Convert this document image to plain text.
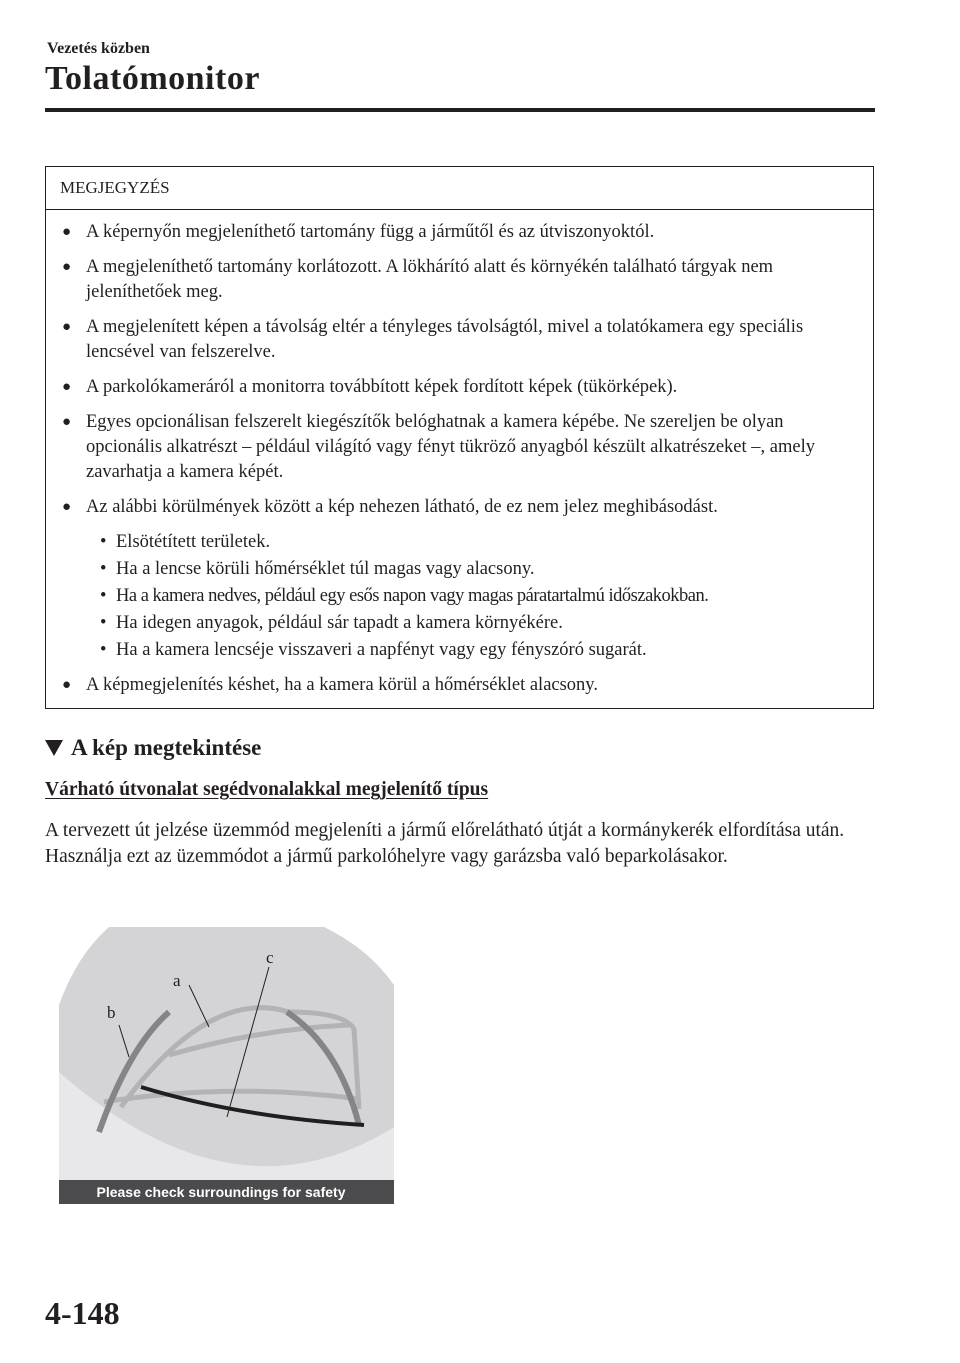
Vezetés közben
Tolatómonitor
MEGJEGYZÉS
● A képernyőn megjeleníthető tartomány függ a járműtől és az útviszonyoktól.
● A megjeleníthető tartomány korlátozott. A lökhárító alatt és környékén található tárgyak nem jeleníthetőek meg.
● A megjelenített képen a távolság eltér a tényleges távolságtól, mivel a tolatókamera egy speciális lencsével van felszerelve.
● A parkolókameráról a monitorra továbbított képek fordított képek (tükörképek).
● Egyes opcionálisan felszerelt kiegészítők belóghatnak a kamera képébe. Ne szereljen be olyan opcionális alkatrészt – például világító vagy fényt tükröző anyagból készült alkatrészeket –, amely zavarhatja a kamera képét.
● Az alábbi körülmények között a kép nehezen látható, de ez nem jelez meghibásodást.
• Elsötétített területek.
• Ha a lencse körüli hőmérséklet túl magas vagy alacsony.
• Ha a kamera nedves, például egy esős napon vagy magas páratartalmú időszakokban.
• Ha idegen anyagok, például sár tapadt a kamera környékére.
• Ha a kamera lencséje visszaveri a napfényt vagy egy fényszóró sugarát.
● A képmegjelenítés késhet, ha a kamera körül a hőmérséklet alacsony.
A kép megtekintése
Várható útvonalat segédvonalakkal megjelenítő típus

A tervezett út jelzése üzemmód megjeleníti a jármű előrelátható útját a kormánykerék elfordítása után.

Használja ezt az üzemmódot a jármű parkolóhelyre vagy garázsba való beparkolásakor.

c
a
b
Please check surroundings for safety
4-148
